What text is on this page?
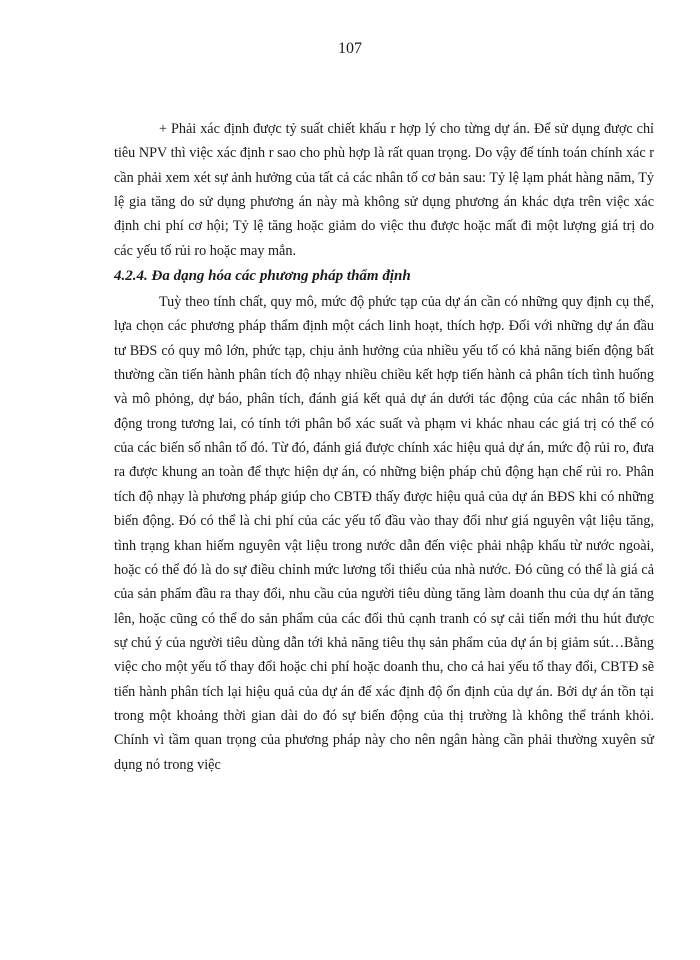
107

+ Phải xác định được tỷ suất chiết khấu r hợp lý cho từng dự án. Để sử dụng được chỉ tiêu NPV thì việc xác định r sao cho phù hợp là rất quan trọng. Do vậy để tính toán chính xác r cần phải xem xét sự ảnh hưởng của tất cả các nhân tố cơ bản sau: Tỷ lệ lạm phát hàng năm, Tỷ lệ gia tăng do sử dụng phương án này mà không sử dụng phương án khác dựa trên việc xác định chi phí cơ hội; Tỷ lệ tăng hoặc giảm do việc thu được hoặc mất đi một lượng giá trị do các yếu tố rủi ro hoặc may mắn.

4.2.4. Đa dạng hóa các phương pháp thẩm định

Tuỳ theo tính chất, quy mô, mức độ phức tạp của dự án cần có những quy định cụ thể, lựa chọn các phương pháp thẩm định một cách linh hoạt, thích hợp. Đối với những dự án đầu tư BĐS có quy mô lớn, phức tạp, chịu ảnh hưởng của nhiều yếu tố có khả năng biến động bất thường cần tiến hành phân tích độ nhạy nhiều chiều kết hợp tiến hành cả phân tích tình huống và mô phỏng, dự báo, phân tích, đánh giá kết quả dự án dưới tác động của các nhân tố biến động trong tương lai, có tính tới phân bổ xác suất và phạm vi khác nhau các giá trị có thể có của các biến số nhân tố đó. Từ đó, đánh giá được chính xác hiệu quả dự án, mức độ rủi ro, đưa ra được khung an toàn để thực hiện dự án, có những biện pháp chủ động hạn chế rủi ro. Phân tích độ nhạy là phương pháp giúp cho CBTĐ thấy được hiệu quả của dự án BĐS khi có những biến động. Đó có thể là chi phí của các yếu tố đầu vào thay đổi như giá nguyên vật liệu tăng, tình trạng khan hiếm nguyên vật liệu trong nước dẫn đến việc phải nhập khẩu từ nước ngoài, hoặc có thể đó là do sự điều chỉnh mức lương tối thiểu của nhà nước. Đó cũng có thể là giá cả của sản phẩm đầu ra thay đổi, nhu cầu của người tiêu dùng tăng làm doanh thu của dự án tăng lên, hoặc cũng có thể do sản phẩm của các đối thủ cạnh tranh có sự cải tiến mới thu hút được sự chú ý của người tiêu dùng dẫn tới khả năng tiêu thụ sản phẩm của dự án bị giảm sút…Bằng việc cho một yếu tố thay đổi hoặc chi phí hoặc doanh thu, cho cả hai yếu tố thay đổi, CBTĐ sẽ tiến hành phân tích lại hiệu quả của dự án để xác định độ ổn định của dự án. Bởi dự án tồn tại trong một khoảng thời gian dài do đó sự biến động của thị trường là không thể tránh khỏi. Chính vì tầm quan trọng của phương pháp này cho nên ngân hàng cần phải thường xuyên sử dụng nó trong việc
